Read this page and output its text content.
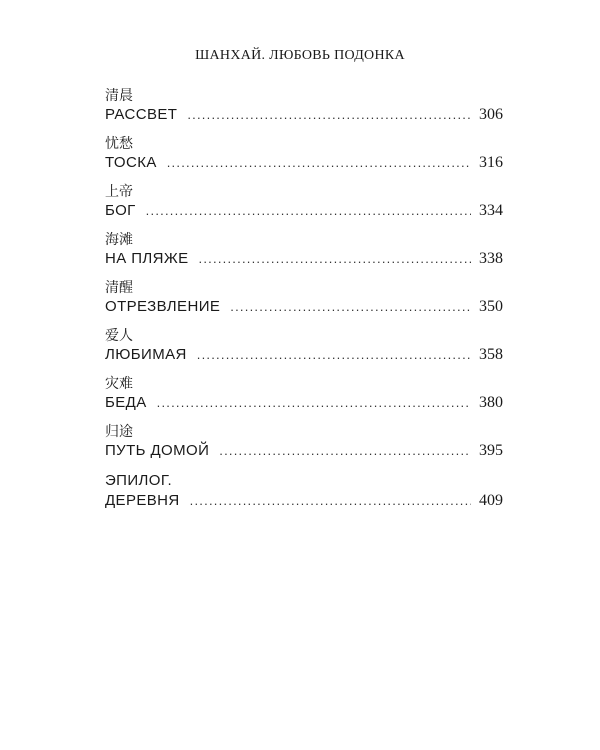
ШАНХАЙ. ЛЮБОВЬ ПОДОНКА
清晨
РАССВЕТ . . .	306
忧愁
ТОСКА . . .	316
上帝
БОГ . . .	334
海滩
НА ПЛЯЖЕ . . .	338
清醒
ОТРЕЗВЛЕНИЕ . . .	350
爱人
ЛЮБИМАЯ . . .	358
灾难
БЕДА . . .	380
归途
ПУТЬ ДОМОЙ . . .	395
ЭПИЛОГ.
ДЕРЕВНЯ . . .	409
